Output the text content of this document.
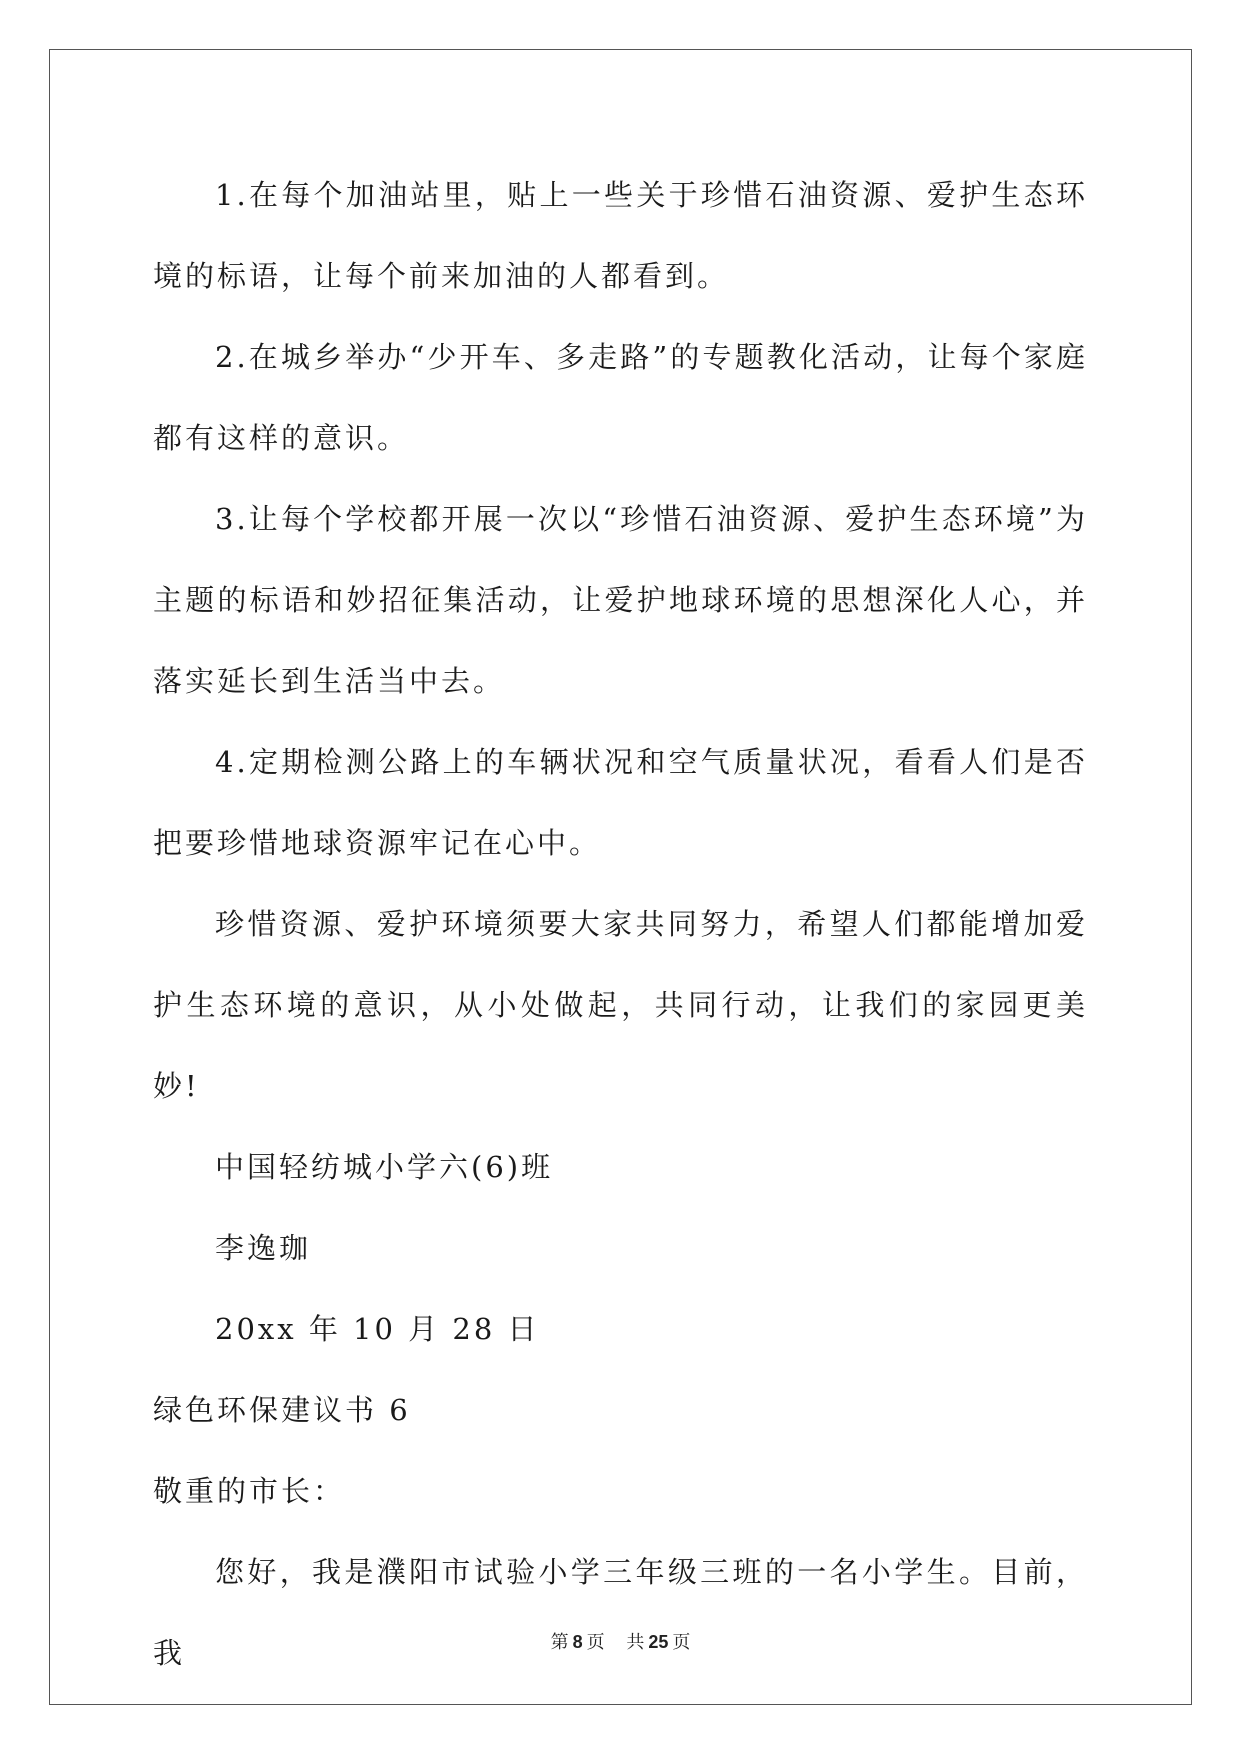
1.在每个加油站里，贴上一些关于珍惜石油资源、爱护生态环境的标语，让每个前来加油的人都看到。

2.在城乡举办“少开车、多走路”的专题教化活动，让每个家庭都有这样的意识。

3.让每个学校都开展一次以“珍惜石油资源、爱护生态环境”为主题的标语和妙招征集活动，让爱护地球环境的思想深化人心，并落实延长到生活当中去。

4.定期检测公路上的车辆状况和空气质量状况，看看人们是否把要珍惜地球资源牢记在心中。

珍惜资源、爱护环境须要大家共同努力，希望人们都能增加爱护生态环境的意识，从小处做起，共同行动，让我们的家园更美妙!

中国轻纺城小学六(6)班

李逸珈

20xx 年 10 月 28 日

绿色环保建议书 6

敬重的市长：

您好，我是濮阳市试验小学三年级三班的一名小学生。目前，我	第 8 页 共 25 页
